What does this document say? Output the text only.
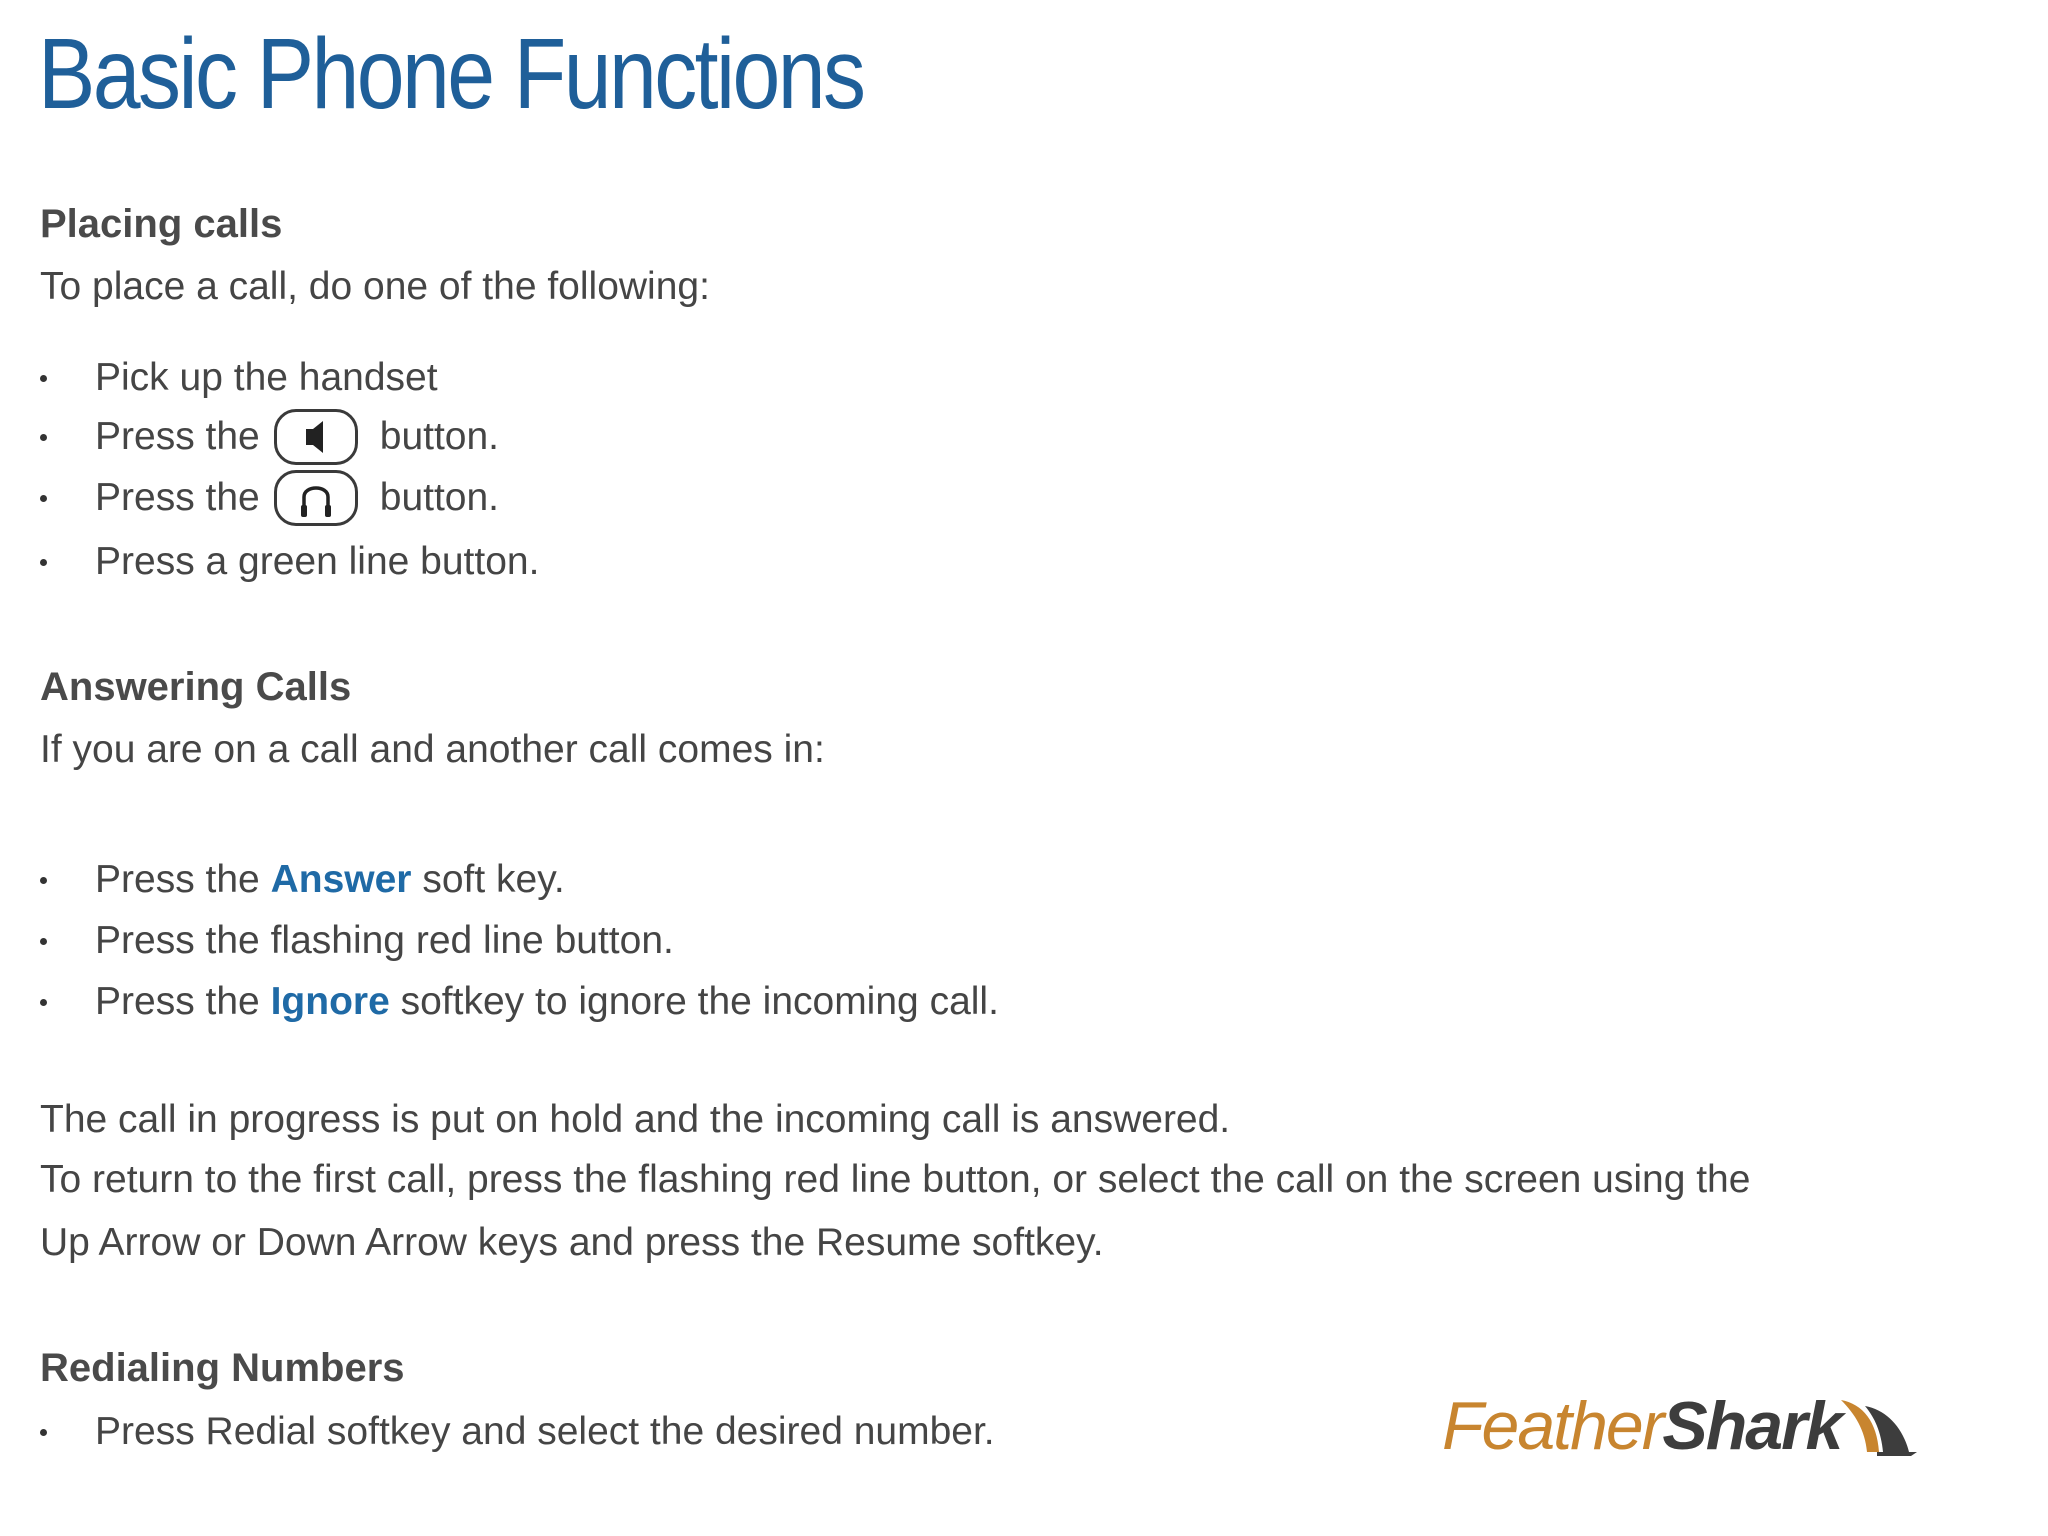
Basic Phone Functions
Placing calls
To place a call, do one of the following:
Pick up the handset
Press the	button.
Press the	button.
Press a green line button.
Answering Calls
If you are on a call and another call comes in:
Press the
Answer
soft key.
Press the flashing red line button.
Press the
Ignore
softkey to ignore the incoming call.
The call in progress is put on hold and the incoming call is answered.
To return to the first call, press the flashing red line button, or select the call on the screen using the
Up Arrow or Down Arrow keys and press the Resume softkey.
Redialing Numbers
Press Redial softkey and select the desired number.	Feather Shark
